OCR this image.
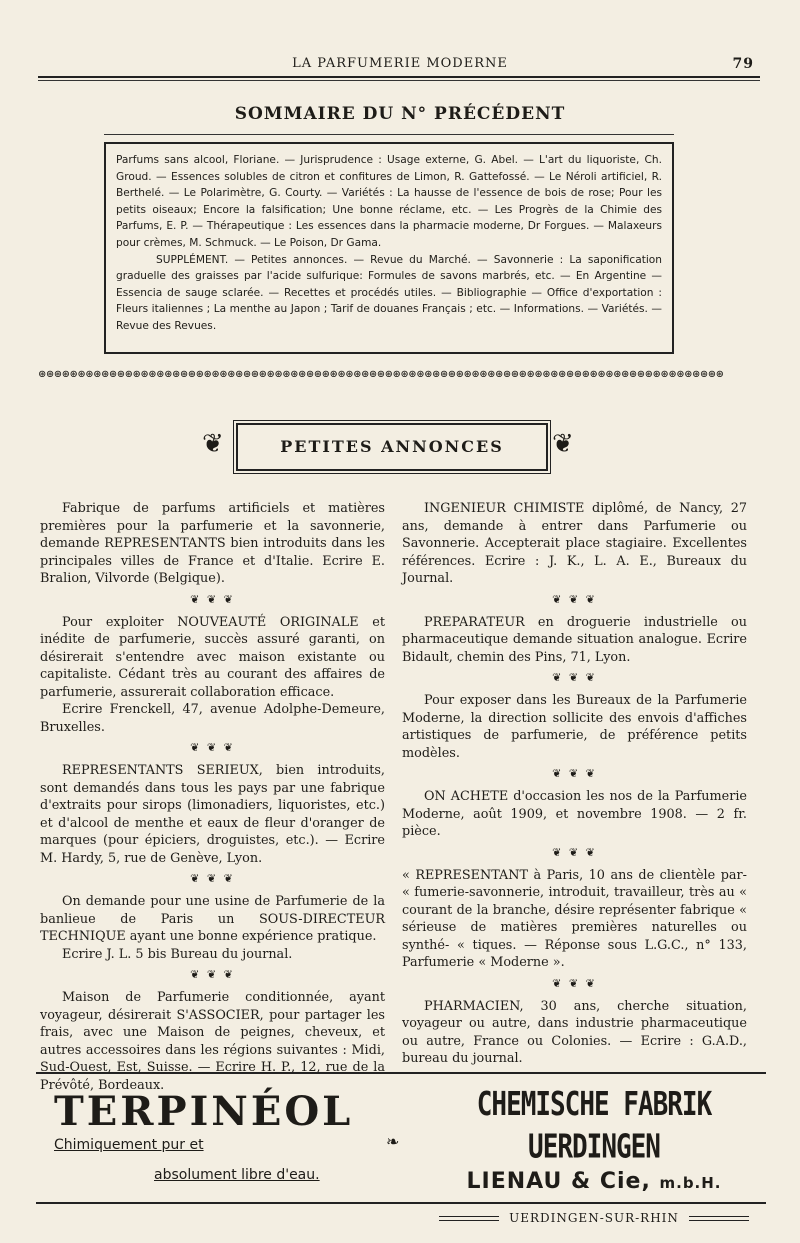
LA PARFUMERIE MODERNE	79
SOMMAIRE DU N° PRÉCÉDENT

Parfums sans alcool, Floriane. — Jurisprudence : Usage externe, G. Abel. — L'art du liquoriste, Ch. Groud. — Essences solubles de citron et confitures de Limon, R. Gattefossé. — Le Néroli artificiel, R. Berthelé. — Le Polarimètre, G. Courty. — Variétés : La hausse de l'essence de bois de rose; Pour les petits oiseaux; Encore la falsification; Une bonne réclame, etc. — Les Progrès de la Chimie des Parfums, E. P. — Thérapeutique : Les essences dans la pharmacie moderne, Dr Forgues. — Malaxeurs pour crèmes, M. Schmuck. — Le Poison, Dr Gama.

SUPPLÉMENT. — Petites annonces. — Revue du Marché. — Savonnerie : La saponification graduelle des graisses par l'acide sulfurique: Formules de savons marbrés, etc. — En Argentine — Essencia de sauge sclarée. — Recettes et procédés utiles. — Bibliographie — Office d'exportation : Fleurs italiennes ; La menthe au Japon ; Tarif de douanes Français ; etc. — Informations. — Variétés. — Revue des Revues.

⊛⊛⊛⊛⊛⊛⊛⊛⊛⊛⊛⊛⊛⊛⊛⊛⊛⊛⊛⊛⊛⊛⊛⊛⊛⊛⊛⊛⊛⊛⊛⊛⊛⊛⊛⊛⊛⊛⊛⊛⊛⊛⊛⊛⊛⊛⊛⊛⊛⊛⊛⊛⊛⊛⊛⊛⊛⊛⊛⊛⊛⊛⊛⊛⊛⊛⊛⊛⊛⊛⊛⊛⊛⊛⊛⊛⊛⊛⊛⊛⊛⊛⊛⊛⊛⊛⊛
❦	PETITES ANNONCES	❦

Fabrique de parfums artificiels et matières premières pour la parfumerie et la savonnerie, demande REPRESENTANTS bien introduits dans les principales villes de France et d'Italie. Ecrire E. Bralion, Vilvorde (Belgique).

❦ ❦ ❦

Pour exploiter NOUVEAUTÉ ORIGINALE et inédite de parfumerie, succès assuré garanti, on désirerait s'entendre avec maison existante ou capitaliste. Cédant très au courant des affaires de parfumerie, assurerait collaboration efficace.

Ecrire Frenckell, 47, avenue Adolphe-Demeure, Bruxelles.

❦ ❦ ❦

REPRESENTANTS SERIEUX, bien introduits, sont demandés dans tous les pays par une fabrique d'extraits pour sirops (limonadiers, liquoristes, etc.) et d'alcool de menthe et eaux de fleur d'oranger de marques (pour épiciers, droguistes, etc.). — Ecrire M. Hardy, 5, rue de Genève, Lyon.

❦ ❦ ❦

On demande pour une usine de Parfumerie de la banlieue de Paris un SOUS-DIRECTEUR TECHNIQUE ayant une bonne expérience pratique.

Ecrire J. L. 5 bis Bureau du journal.

❦ ❦ ❦

Maison de Parfumerie conditionnée, ayant voyageur, désirerait S'ASSOCIER, pour partager les frais, avec une Maison de peignes, cheveux, et autres accessoires dans les régions suivantes : Midi, Sud-Ouest, Est, Suisse. — Ecrire H. P., 12, rue de la Prévôté, Bordeaux.

INGENIEUR CHIMISTE diplômé, de Nancy, 27 ans, demande à entrer dans Parfumerie ou Savonnerie. Accepterait place stagiaire. Excellentes références. Ecrire : J. K., L. A. E., Bureaux du Journal.

❦ ❦ ❦

PREPARATEUR en droguerie industrielle ou pharmaceutique demande situation analogue. Ecrire Bidault, chemin des Pins, 71, Lyon.

❦ ❦ ❦

Pour exposer dans les Bureaux de la Parfumerie Moderne, la direction sollicite des envois d'affiches artistiques de parfumerie, de préférence petits modèles.

❦ ❦ ❦

ON ACHETE d'occasion les nos de la Parfumerie Moderne, août 1909, et novembre 1908. — 2 fr. pièce.

❦ ❦ ❦

« REPRESENTANT à Paris, 10 ans de clientèle par- « fumerie-savonnerie, introduit, travailleur, très au « courant de la branche, désire représenter fabrique « sérieuse de matières premières naturelles ou synthé- « tiques. — Réponse sous L.G.C., n° 133, Parfumerie « Moderne ».

❦ ❦ ❦

PHARMACIEN, 30 ans, cherche situation, voyageur ou autre, dans industrie pharmaceutique ou autre, France ou Colonies. — Ecrire : G.A.D., bureau du journal.

TERPINÉOL
Chimiquement pur et
absolument libre d'eau.
❧
CHEMISCHE FABRIK UERDINGEN
LIENAU & Cie, m.b.H.
UERDINGEN-SUR-RHIN
